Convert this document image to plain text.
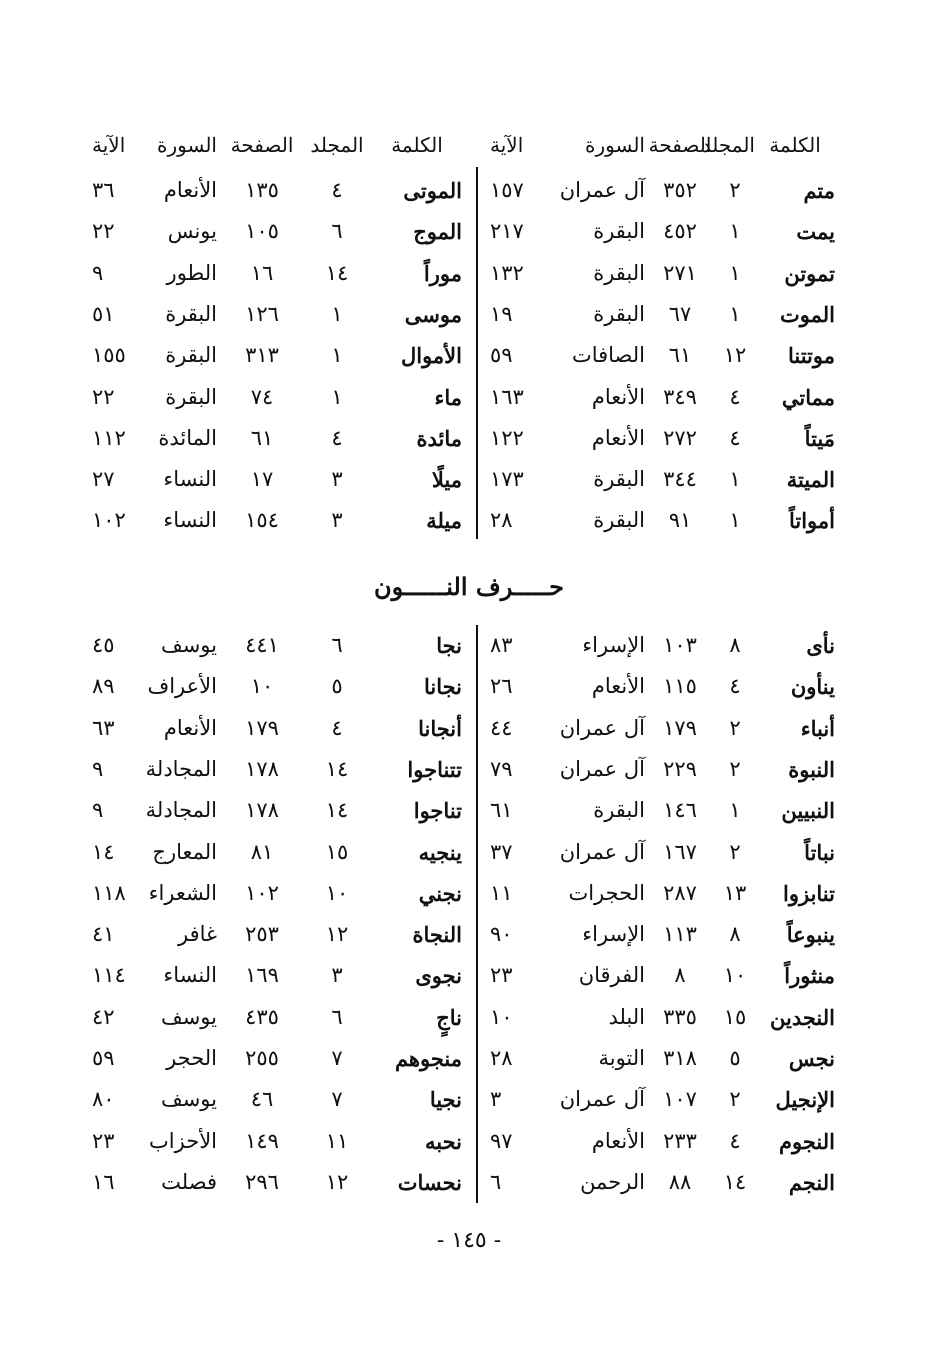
الكلمة
المجلد
الصفحة
السورة
الآية
متم
٢
٣٥٢
آل عمران
١٥٧
يمت
١
٤٥٢
البقرة
٢١٧
تموتن
١
٢٧١
البقرة
١٣٢
الموت
١
٦٧
البقرة
١٩
موتتنا
١٢
٦١
الصافات
٥٩
مماتي
٤
٣٤٩
الأنعام
١٦٣
مَيتاً
٤
٢٧٢
الأنعام
١٢٢
الميتة
١
٣٤٤
البقرة
١٧٣
أمواتاً
١
٩١
البقرة
٢٨
الكلمة
المجلد
الصفحة
السورة
الآية
الموتى
٤
١٣٥
الأنعام
٣٦
الموج
٦
١٠٥
يونس
٢٢
موراً
١٤
١٦
الطور
٩
موسى
١
١٢٦
البقرة
٥١
الأموال
١
٣١٣
البقرة
١٥٥
ماء
١
٧٤
البقرة
٢٢
مائدة
٤
٦١
المائدة
١١٢
ميلًا
٣
١٧
النساء
٢٧
ميلة
٣
١٥٤
النساء
١٠٢
حـــــرف النــــــون
نأى
٨
١٠٣
الإسراء
٨٣
ينأون
٤
١١٥
الأنعام
٢٦
أنباء
٢
١٧٩
آل عمران
٤٤
النبوة
٢
٢٢٩
آل عمران
٧٩
النبيين
١
١٤٦
البقرة
٦١
نباتاً
٢
١٦٧
آل عمران
٣٧
تنابزوا
١٣
٢٨٧
الحجرات
١١
ينبوعاً
٨
١١٣
الإسراء
٩٠
منثوراً
١٠
٨
الفرقان
٢٣
النجدين
١٥
٣٣٥
البلد
١٠
نجس
٥
٣١٨
التوبة
٢٨
الإنجيل
٢
١٠٧
آل عمران
٣
النجوم
٤
٢٣٣
الأنعام
٩٧
النجم
١٤
٨٨
الرحمن
٦
نجا
٦
٤٤١
يوسف
٤٥
نجانا
٥
١٠
الأعراف
٨٩
أنجانا
٤
١٧٩
الأنعام
٦٣
تتناجوا
١٤
١٧٨
المجادلة
٩
تناجوا
١٤
١٧٨
المجادلة
٩
ينجيه
١٥
٨١
المعارج
١٤
نجني
١٠
١٠٢
الشعراء
١١٨
النجاة
١٢
٢٥٣
غافر
٤١
نجوى
٣
١٦٩
النساء
١١٤
ناجٍ
٦
٤٣٥
يوسف
٤٢
منجوهم
٧
٢٥٥
الحجر
٥٩
نجيا
٧
٤٦
يوسف
٨٠
نحبه
١١
١٤٩
الأحزاب
٢٣
نحسات
١٢
٢٩٦
فصلت
١٦
- ١٤٥ -
